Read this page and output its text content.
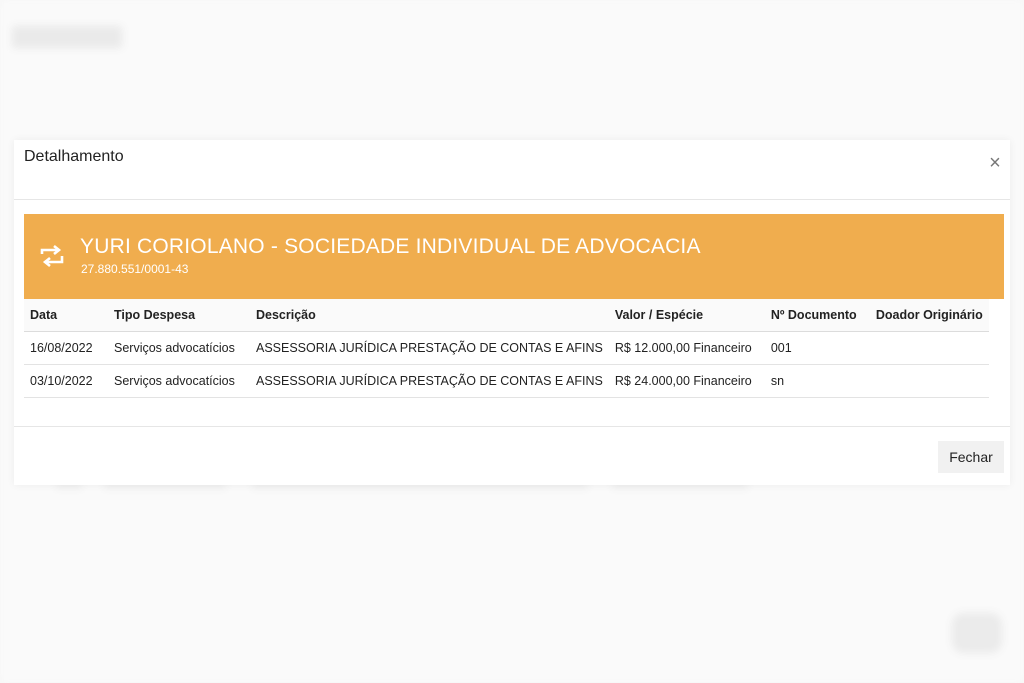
Detalhamento	×
YURI CORIOLANO - SOCIEDADE INDIVIDUAL DE ADVOCACIA
27.880.551/0001-43
Data	Tipo Despesa	Descrição	Valor / Espécie	Nº Documento	Doador Originário
16/08/2022	Serviços advocatícios	ASSESSORIA JURÍDICA PRESTAÇÃO DE CONTAS E AFINS	R$ 12.000,00 Financeiro	001	
03/10/2022	Serviços advocatícios	ASSESSORIA JURÍDICA PRESTAÇÃO DE CONTAS E AFINS	R$ 24.000,00 Financeiro	sn	
Fechar
